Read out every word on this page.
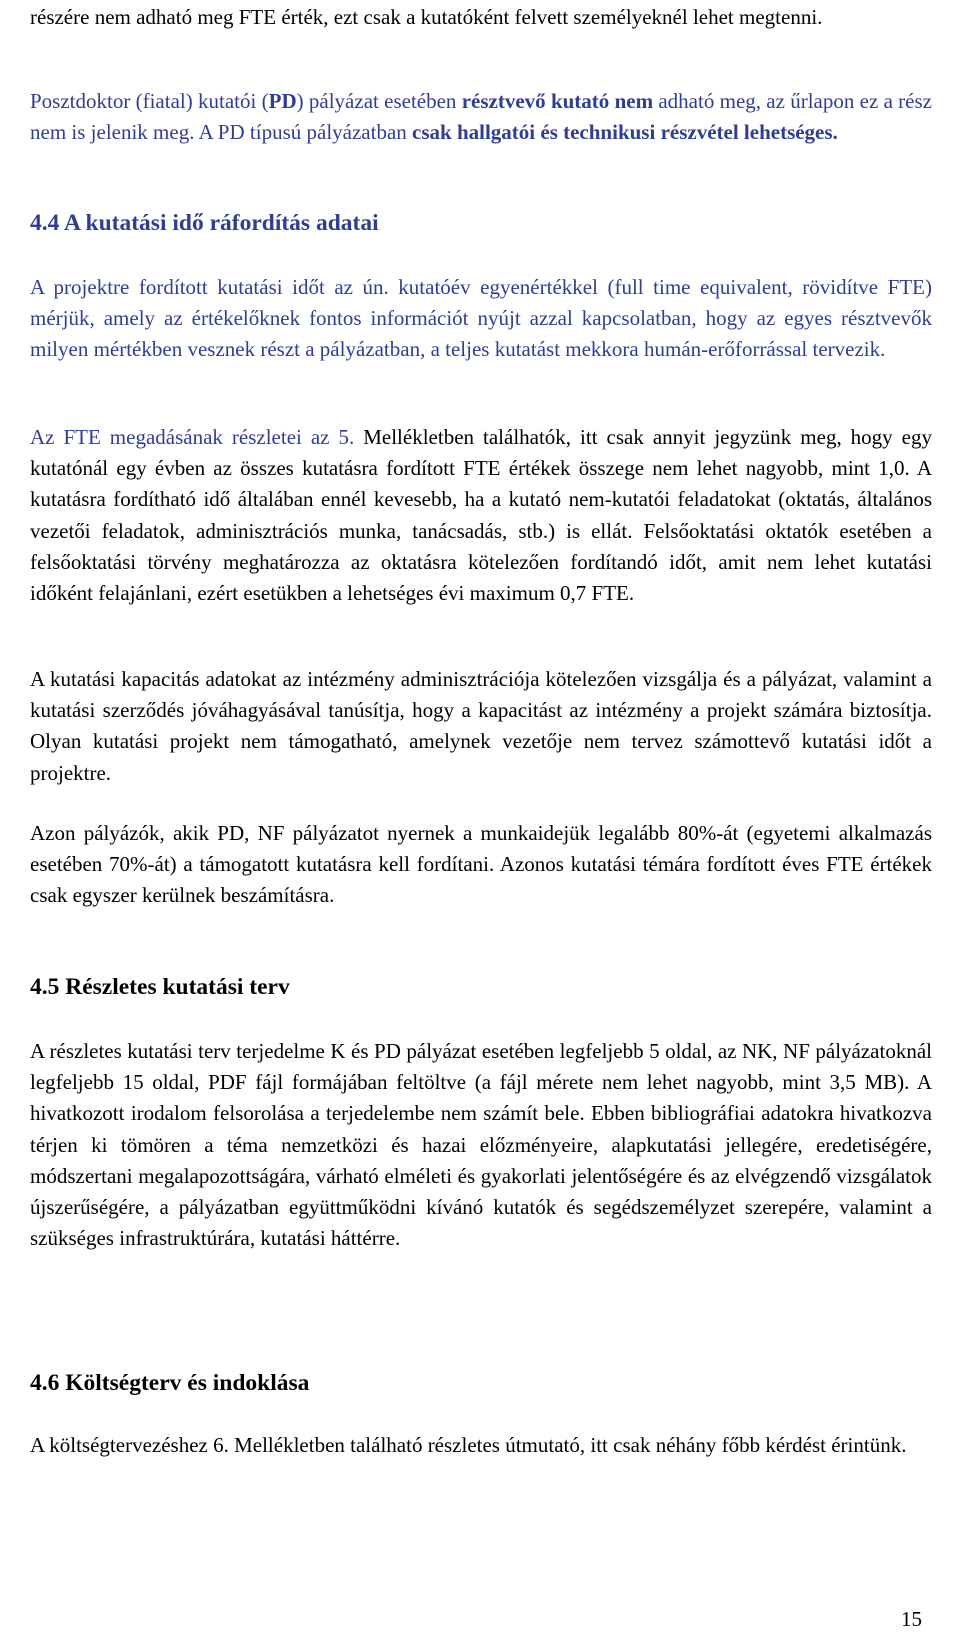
részére nem adható meg FTE érték, ezt csak a kutatóként felvett személyeknél lehet megtenni.

Posztdoktor (fiatal) kutatói (PD) pályázat esetében résztvevő kutató nem adható meg, az űrlapon ez a rész nem is jelenik meg. A PD típusú pályázatban csak hallgatói és technikusi részvétel lehetséges.

4.4 A kutatási idő ráfordítás adatai

A projektre fordított kutatási időt az ún. kutatóév egyenértékkel (full time equivalent, rövidítve FTE) mérjük, amely az értékelőknek fontos információt nyújt azzal kapcsolatban, hogy az egyes résztvevők milyen mértékben vesznek részt a pályázatban, a teljes kutatást mekkora humán-erőforrással tervezik.

Az FTE megadásának részletei az 5. Mellékletben találhatók, itt csak annyit jegyzünk meg, hogy egy kutatónál egy évben az összes kutatásra fordított FTE értékek összege nem lehet nagyobb, mint 1,0. A kutatásra fordítható idő általában ennél kevesebb, ha a kutató nem-kutatói feladatokat (oktatás, általános vezetői feladatok, adminisztrációs munka, tanácsadás, stb.) is ellát. Felsőoktatási oktatók esetében a felsőoktatási törvény meghatározza az oktatásra kötelezően fordítandó időt, amit nem lehet kutatási időként felajánlani, ezért esetükben a lehetséges évi maximum 0,7 FTE.

A kutatási kapacitás adatokat az intézmény adminisztrációja kötelezően vizsgálja és a pályázat, valamint a kutatási szerződés jóváhagyásával tanúsítja, hogy a kapacitást az intézmény a projekt számára biztosítja. Olyan kutatási projekt nem támogatható, amelynek vezetője nem tervez számottevő kutatási időt a projektre.

Azon pályázók, akik PD, NF pályázatot nyernek a munkaidejük legalább 80%-át (egyetemi alkalmazás esetében 70%-át) a támogatott kutatásra kell fordítani. Azonos kutatási témára fordított éves FTE értékek csak egyszer kerülnek beszámításra.

4.5 Részletes kutatási terv

A részletes kutatási terv terjedelme K és PD pályázat esetében legfeljebb 5 oldal, az NK, NF pályázatoknál legfeljebb 15 oldal, PDF fájl formájában feltöltve (a fájl mérete nem lehet nagyobb, mint 3,5 MB). A hivatkozott irodalom felsorolása a terjedelembe nem számít bele. Ebben bibliográfiai adatokra hivatkozva térjen ki tömören a téma nemzetközi és hazai előzményeire, alapkutatási jellegére, eredetiségére, módszertani megalapozottságára, várható elméleti és gyakorlati jelentőségére és az elvégzendő vizsgálatok újszerűségére, a pályázatban együttműködni kívánó kutatók és segédszemélyzet szerepére, valamint a szükséges infrastruktúrára, kutatási háttérre.

4.6 Költségterv és indoklása

A költségtervezéshez 6. Mellékletben található részletes útmutató, itt csak néhány főbb kérdést érintünk.

15
